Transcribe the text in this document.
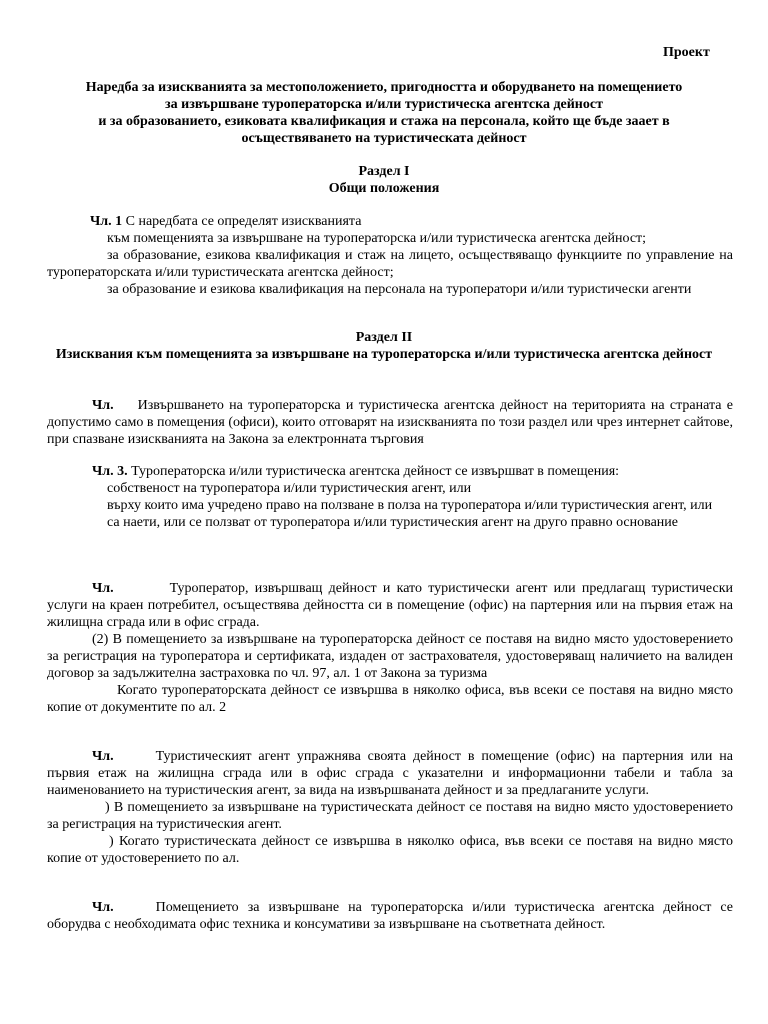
Проект
Наредба за изискванията за местоположението, пригодността и оборудването на помещението
за извършване туроператорска и/или туристическа агентска дейност
и за образованието, езиковата квалификация и стажа на персонала, който ще бъде заает в
осъществяването на туристическата дейност
Раздел I
Общи положения
Чл. 1 С наредбата се определят изискванията
към помещенията за извършване на туроператорска и/или туристическа агентска дейност;
за образование, езикова квалификация и стаж на лицето, осъществяващо функциите по управление на туроператорската и/или туристическата агентска дейност;
за образование и езикова квалификация на персонала на туроператори и/или туристически агенти
Раздел II
Изисквания към помещенията за извършване на туроператорска и/или туристическа агентска дейност
Чл. Извършването на туроператорска и туристическа агентска дейност на територията на страната е допустимо само в помещения (офиси), които отговарят на изискванията по този раздел или чрез интернет сайтове, при спазване изискванията на Закона за електронната търговия
Чл. 3. Туроператорска и/или туристическа агентска дейност се извършват в помещения:
собственост на туроператора и/или туристическия агент, или
върху които има учредено право на ползване в полза на туроператора и/или туристическия агент, или
са наети, или се ползват от туроператора и/или туристическия агент на друго правно основание
Чл.	Туроператор, извършващ дейност и като туристически агент или предлагащ туристически услуги на краен потребител, осъществява дейността си в помещение (офис) на партерния или на първия етаж на жилищна сграда или в офис сграда.
(2) В помещението за извършване на туроператорска дейност се поставя на видно място удостоверението за регистрация на туроператора и сертификата, издаден от застрахователя, удостоверяващ наличието на валиден договор за задължителна застраховка по чл. 97, ал. 1 от Закона за туризма
Когато туроператорската дейност се извършва в няколко офиса, във всеки се поставя на видно място копие от документите по ал. 2
Чл.	Туристическият агент упражнява своята дейност в помещение (офис) на партерния или на първия етаж на жилищна сграда или в офис сграда с указателни и информационни табели и табла за наименованието на туристическия агент, за вида на извършваната дейност и за предлаганите услуги.
) В помещението за извършване на туристическата дейност се поставя на видно място удостоверението за регистрация на туристическия агент.
) Когато туристическата дейност се извършва в няколко офиса, във всеки се поставя на видно място копие от удостоверението по ал.
Чл.	Помещението за извършване на туроператорска и/или туристическа агентска дейност се оборудва с необходимата офис техника и консумативи за извършване на съответната дейност.
